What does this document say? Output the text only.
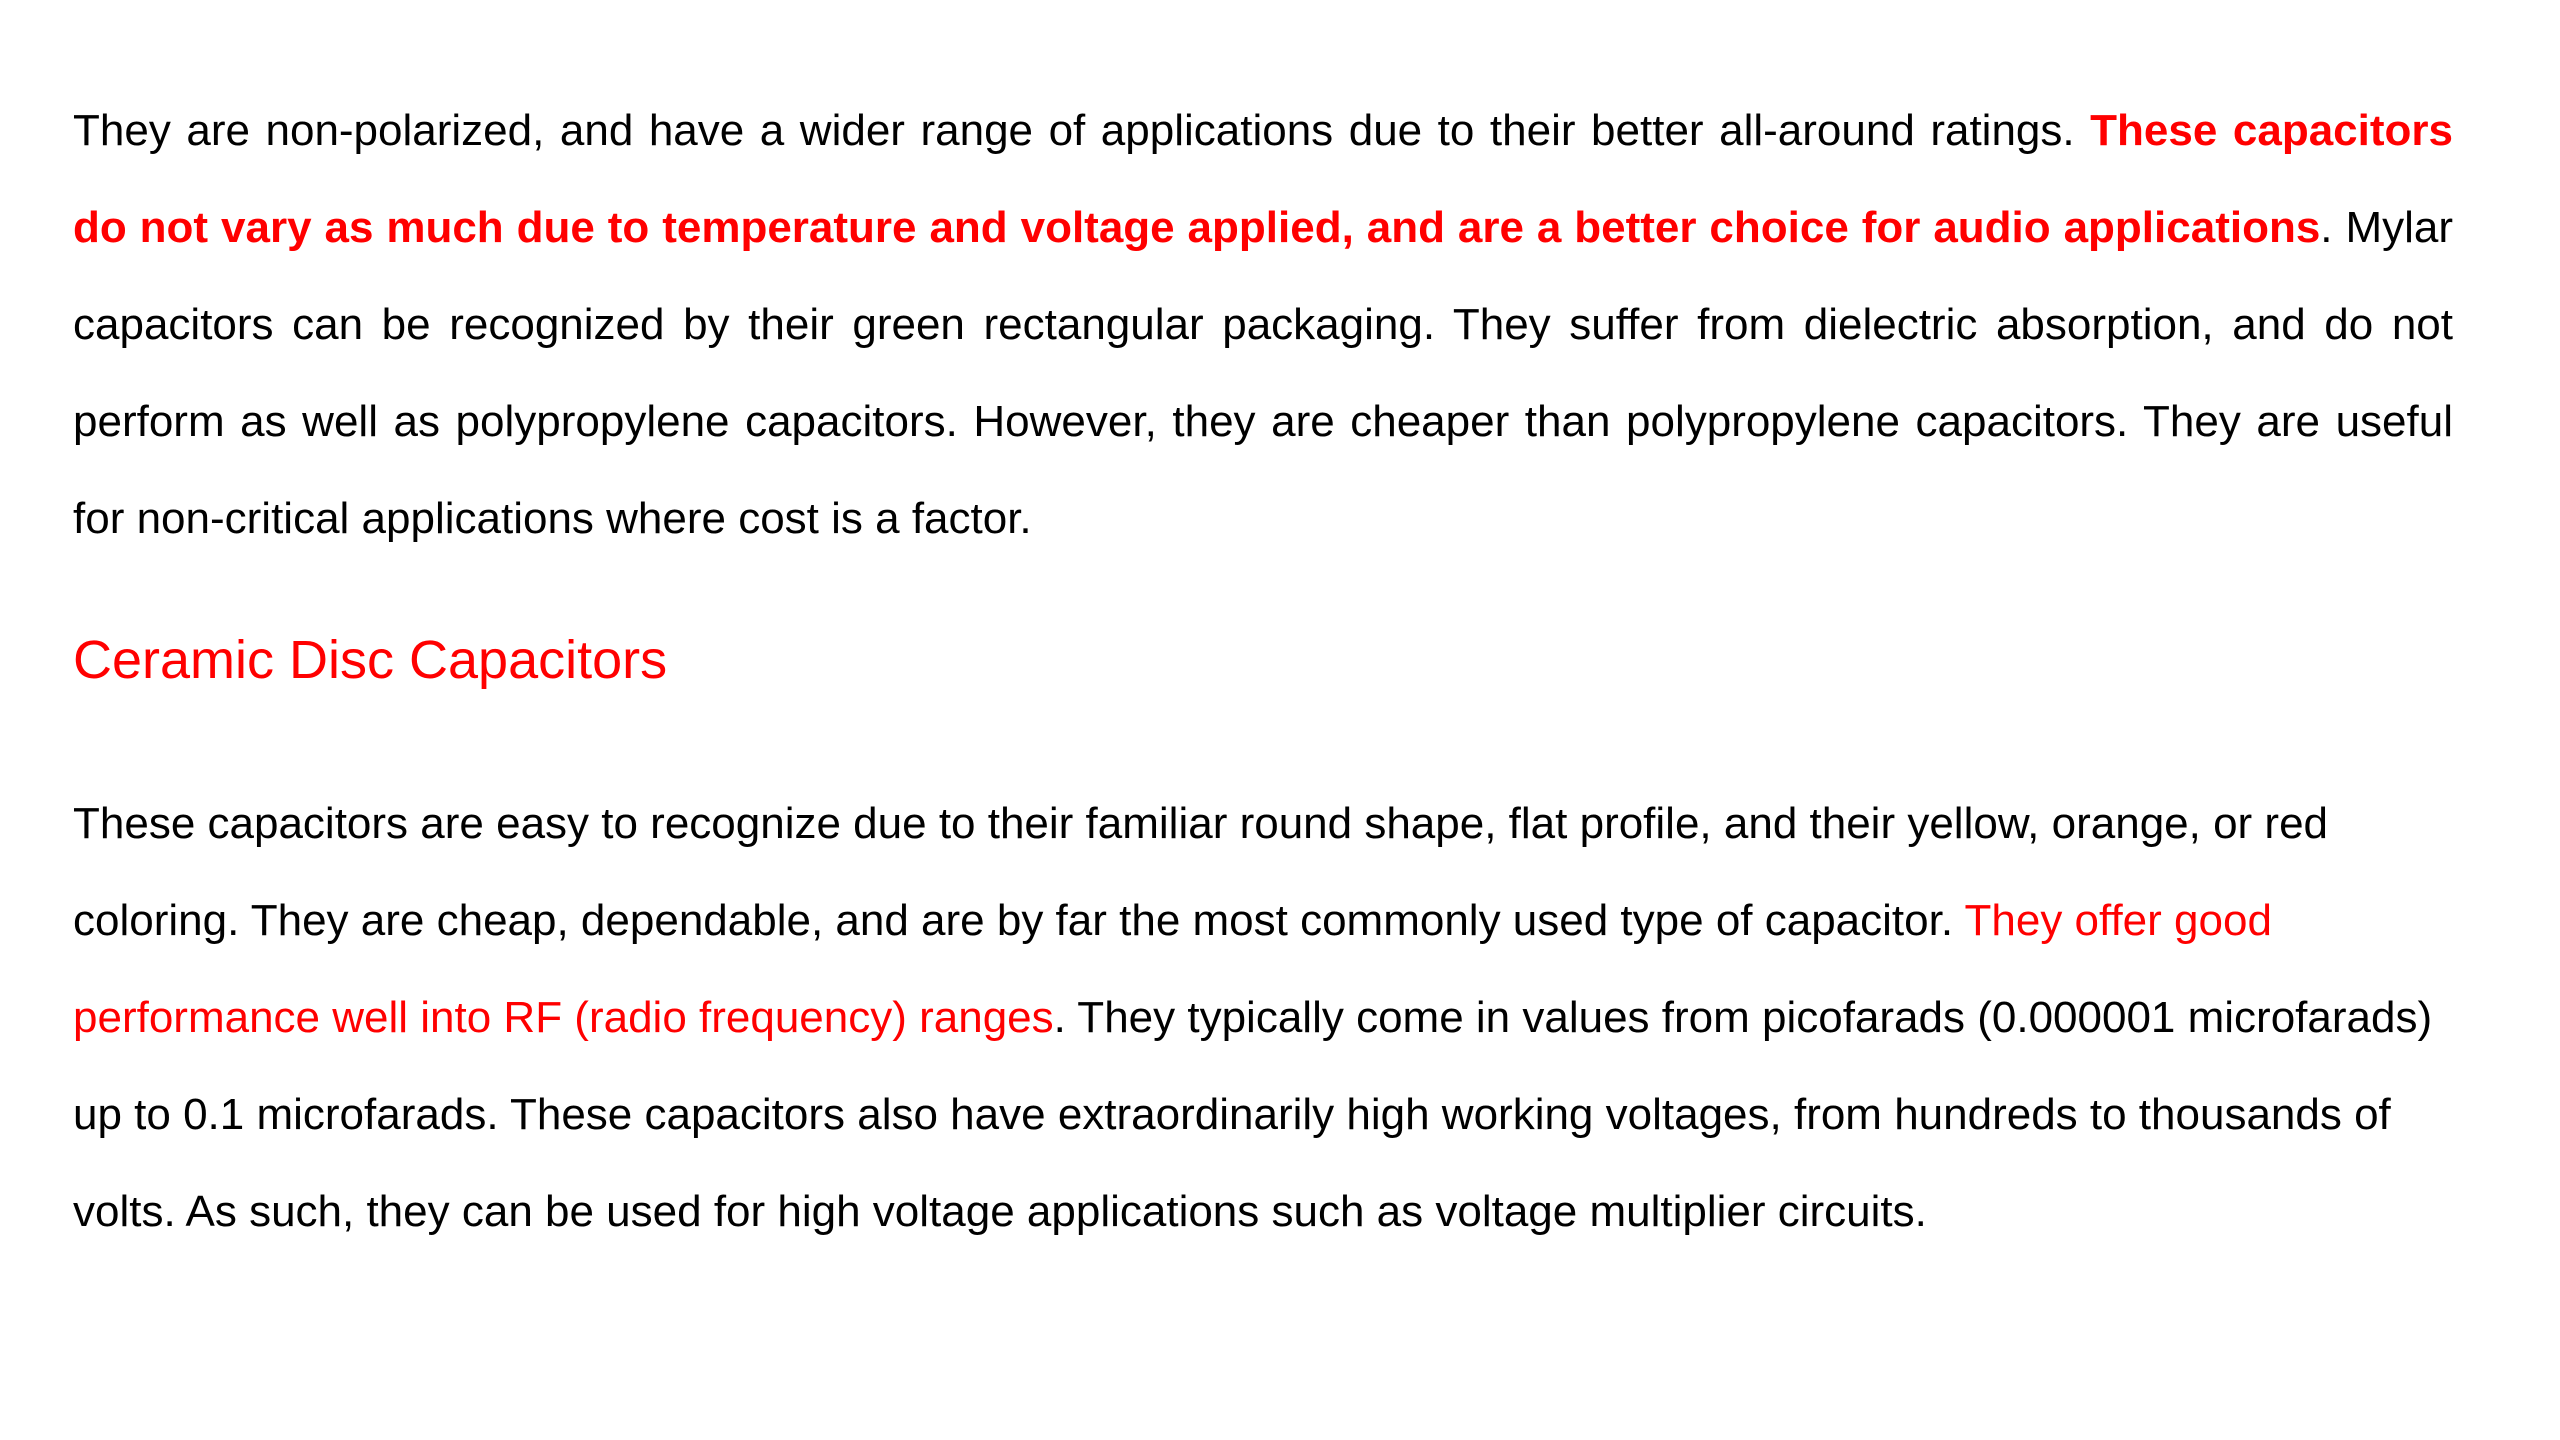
They are non-polarized, and have a wider range of applications due to their better all-around ratings. These capacitors do not vary as much due to temperature and voltage applied, and are a better choice for audio applications. Mylar capacitors can be recognized by their green rectangular packaging. They suffer from dielectric absorption, and do not perform as well as polypropylene capacitors. However, they are cheaper than polypropylene capacitors. They are useful for non-critical applications where cost is a factor.

Ceramic Disc Capacitors

These capacitors are easy to recognize due to their familiar round shape, flat profile, and their yellow, orange, or red coloring. They are cheap, dependable, and are by far the most commonly used type of capacitor. They offer good performance well into RF (radio frequency) ranges. They typically come in values from picofarads (0.000001 microfarads) up to 0.1 microfarads. These capacitors also have extraordinarily high working voltages, from hundreds to thousands of volts. As such, they can be used for high voltage applications such as voltage multiplier circuits.
